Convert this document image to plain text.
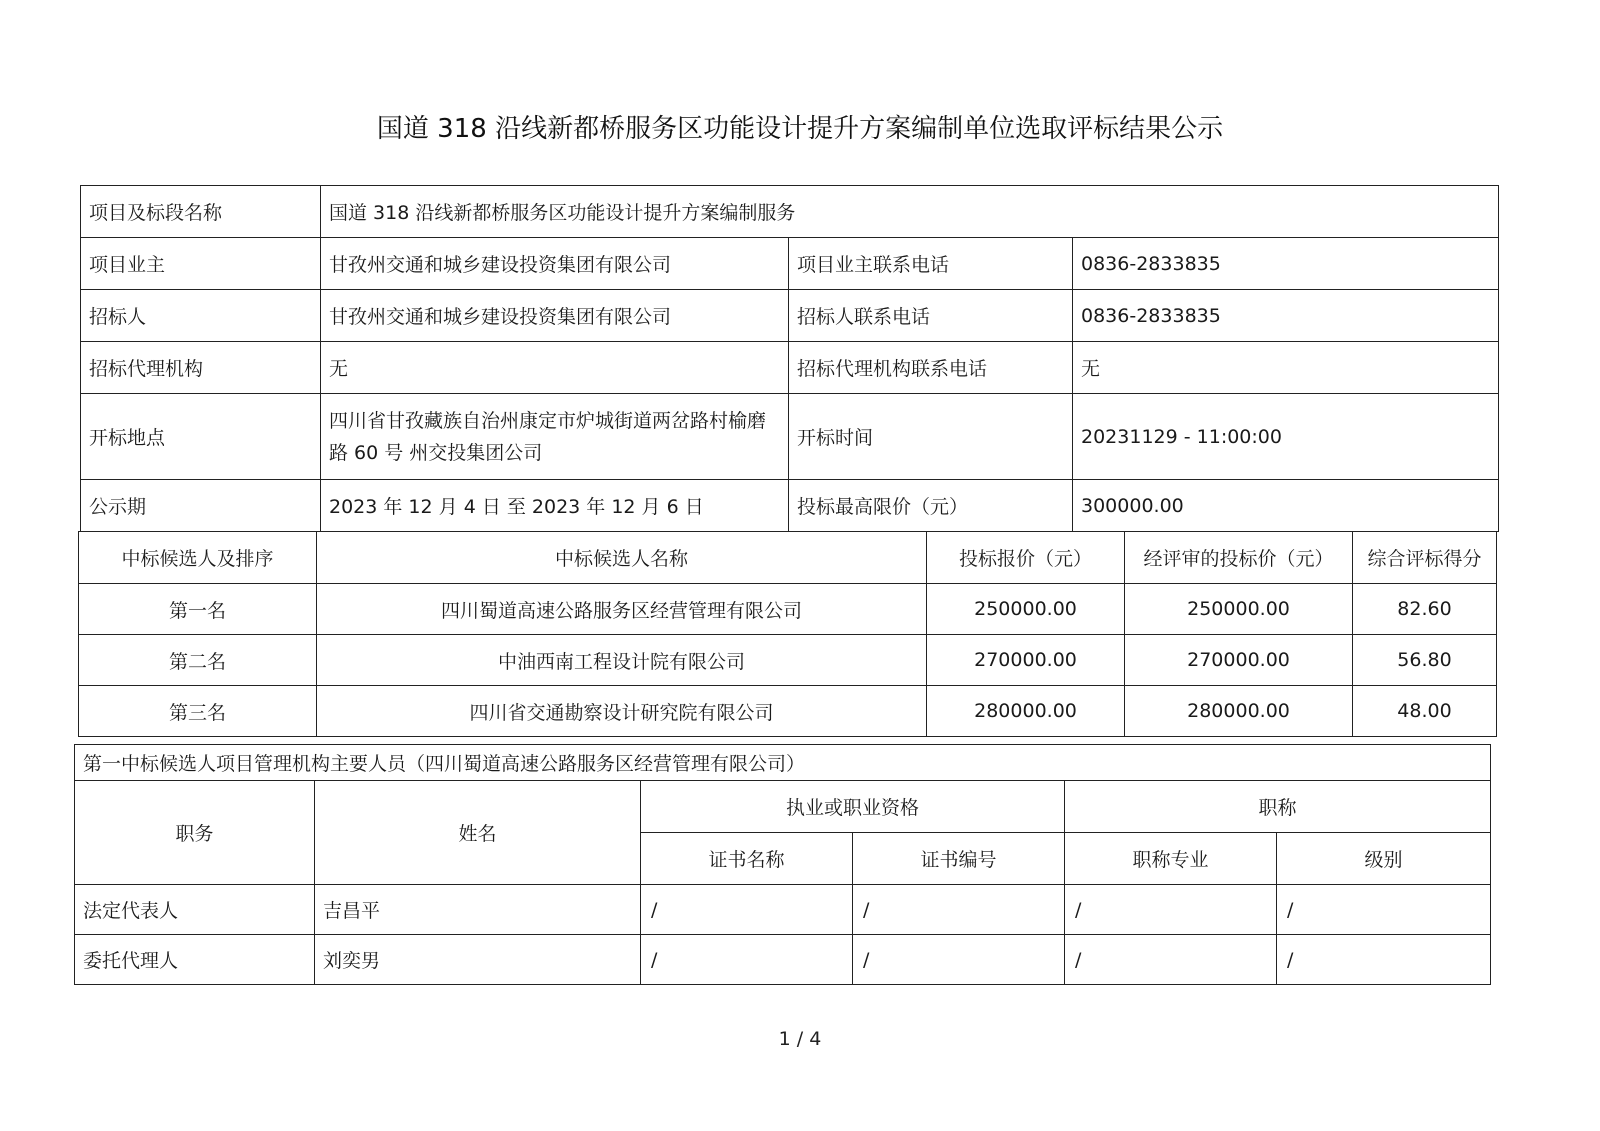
国道 318 沿线新都桥服务区功能设计提升方案编制单位选取评标结果公示
项目及标段名称	国道 318 沿线新都桥服务区功能设计提升方案编制服务		
项目业主	甘孜州交通和城乡建设投资集团有限公司	项目业主联系电话	0836-2833835
招标人	甘孜州交通和城乡建设投资集团有限公司	招标人联系电话	0836-2833835
招标代理机构	无	招标代理机构联系电话	无
开标地点	四川省甘孜藏族自治州康定市炉城街道两岔路村榆磨路 60 号 州交投集团公司	开标时间	20231129 - 11:00:00
公示期	2023 年 12 月 4 日 至 2023 年 12 月 6 日	投标最高限价（元）	300000.00
中标候选人及排序	中标候选人名称	投标报价（元）	经评审的投标价（元）	综合评标得分
第一名	四川蜀道高速公路服务区经营管理有限公司	250000.00	250000.00	82.60
第二名	中油西南工程设计院有限公司	270000.00	270000.00	56.80
第三名	四川省交通勘察设计研究院有限公司	280000.00	280000.00	48.00
第一中标候选人项目管理机构主要人员（四川蜀道高速公路服务区经营管理有限公司）					
职务	姓名	执业或职业资格		职称	
		证书名称	证书编号	职称专业	级别
法定代表人	吉昌平	/	/	/	/
委托代理人	刘奕男	/	/	/	/
1 / 4
